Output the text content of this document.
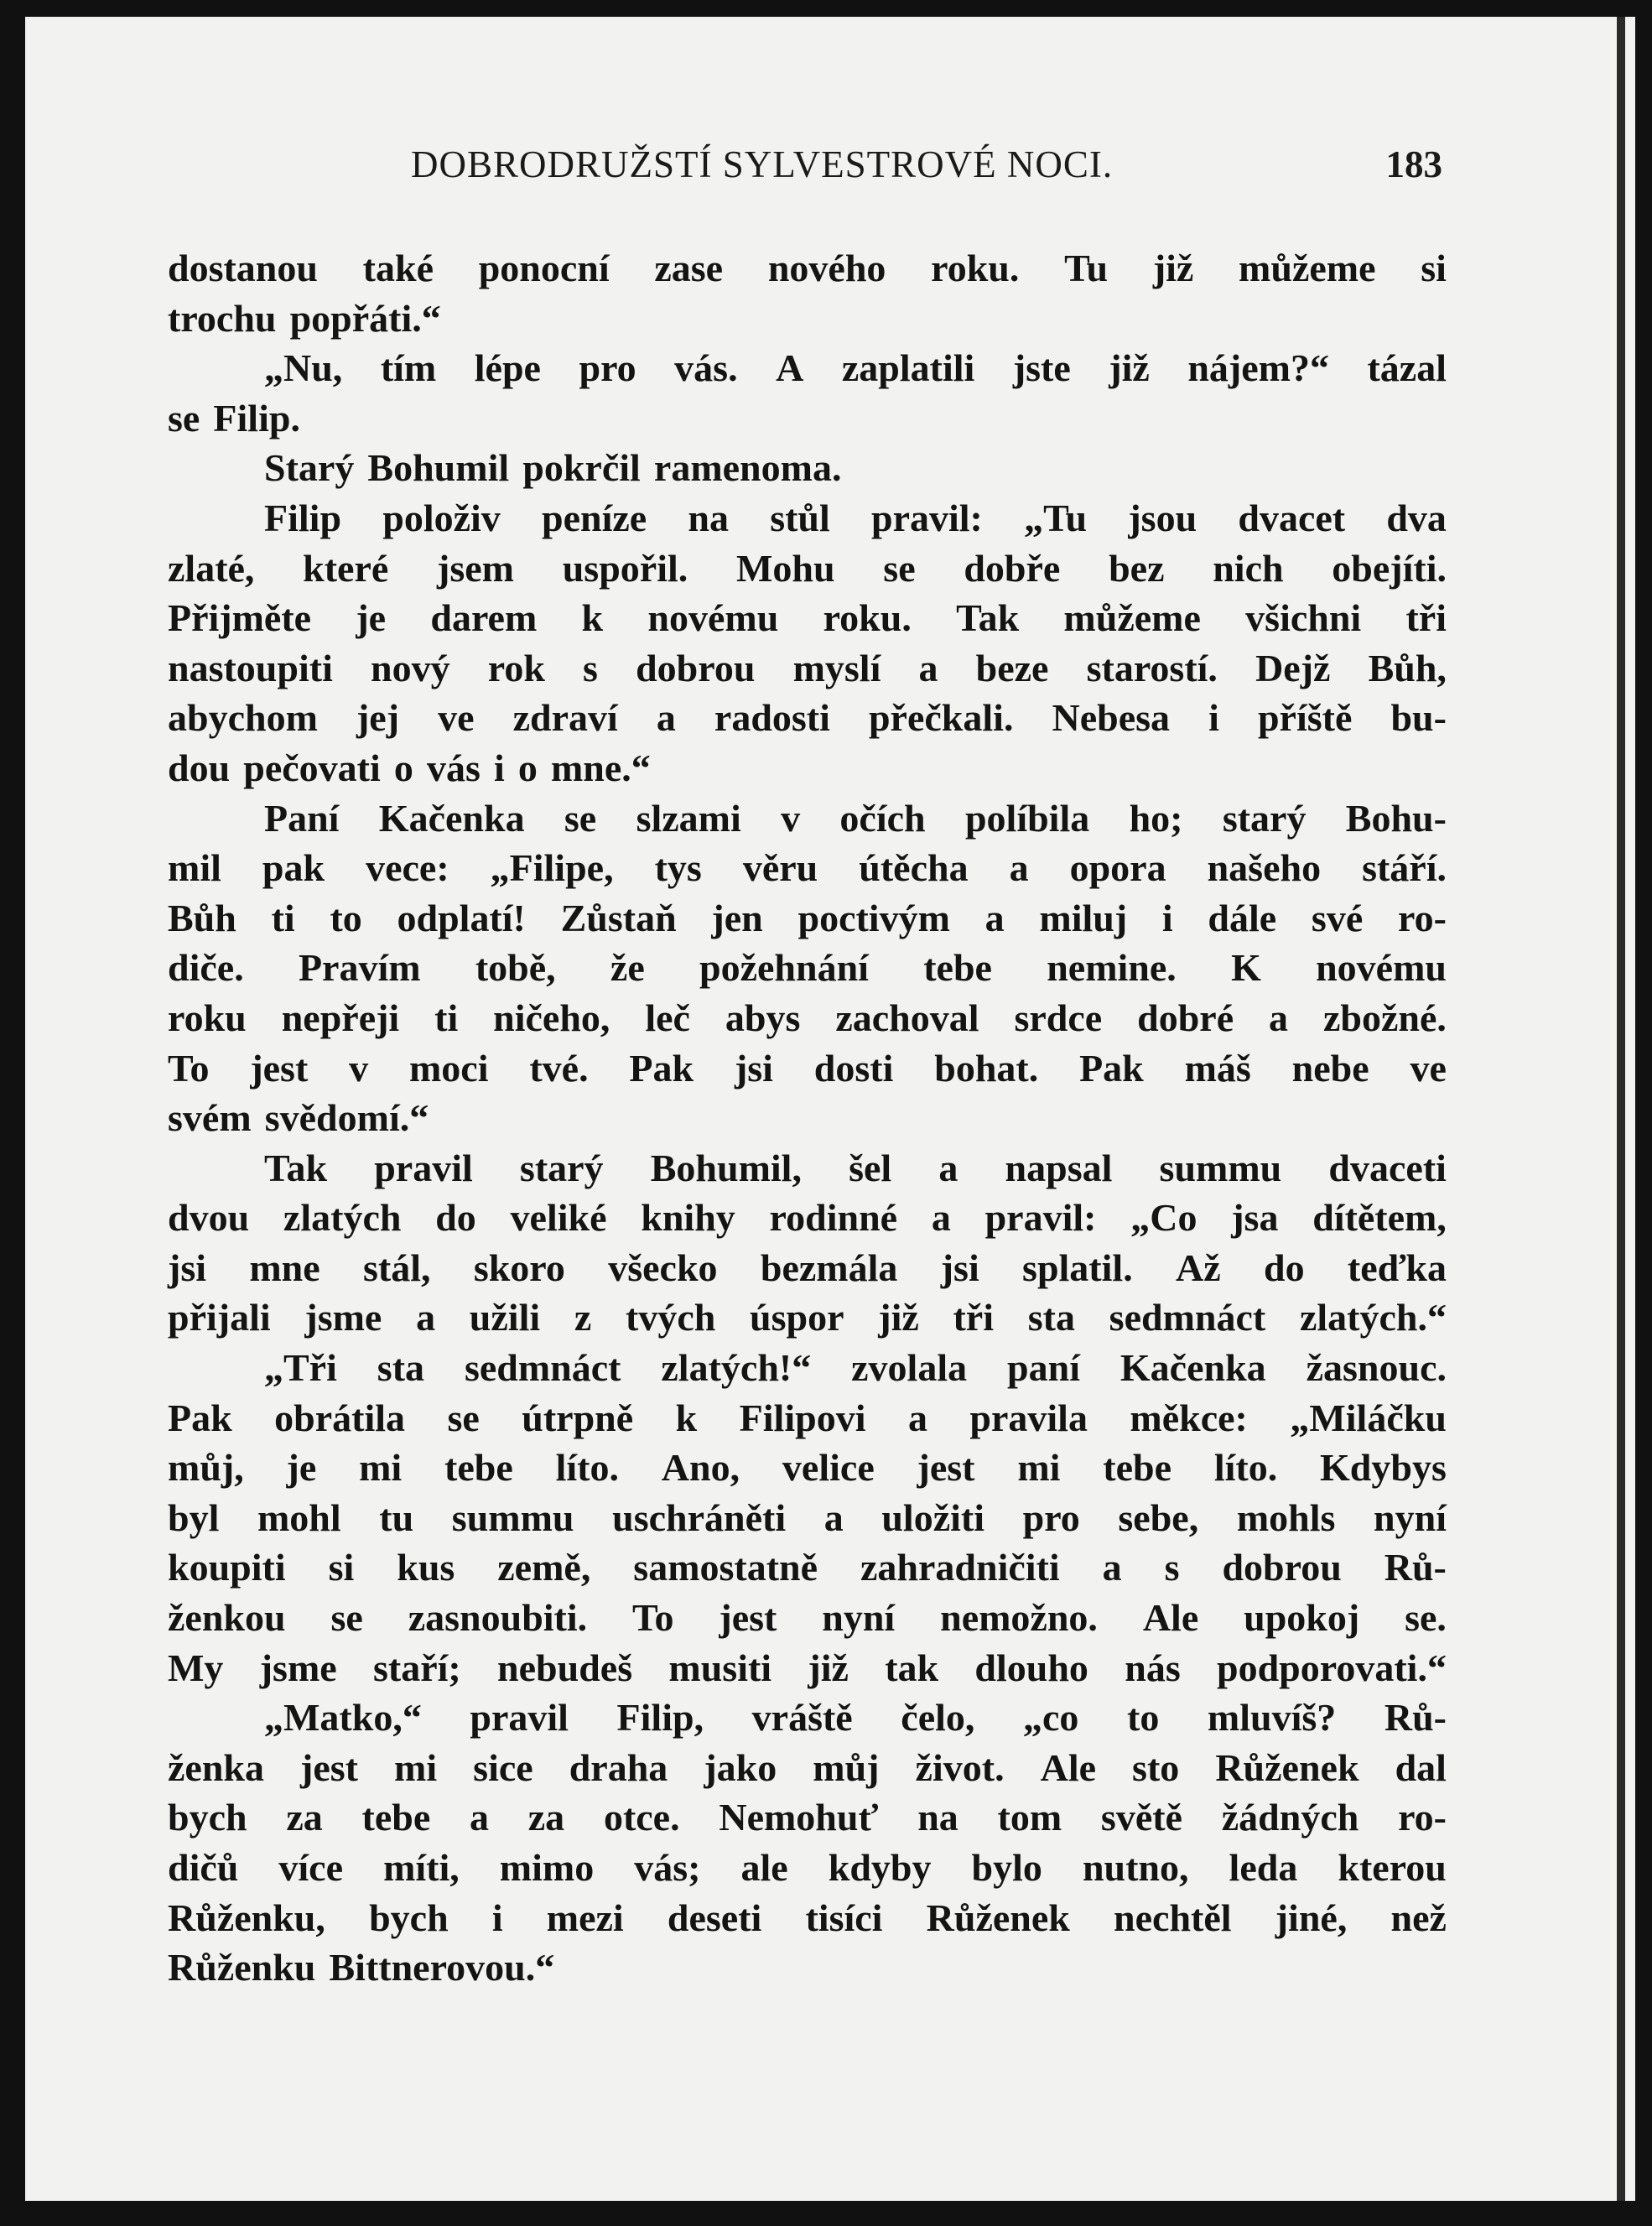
DOBRODRUŽSTÍ SYLVESTROVÉ NOCI.	183
dostanou také ponocní zase nového roku. Tu již můžeme si
trochu popřáti.“
„Nu, tím lépe pro vás. A zaplatili jste již nájem?“ tázal
se Filip.
Starý Bohumil pokrčil ramenoma.
Filip položiv peníze na stůl pravil: „Tu jsou dvacet dva
zlaté, které jsem uspořil. Mohu se dobře bez nich obejíti.
Přijměte je darem k novému roku. Tak můžeme všichni tři
nastoupiti nový rok s dobrou myslí a beze starostí. Dejž Bůh,
abychom jej ve zdraví a radosti přečkali. Nebesa i příště bu-
dou pečovati o vás i o mne.“
Paní Kačenka se slzami v očích políbila ho; starý Bohu-
mil pak vece: „Filipe, tys věru útěcha a opora našeho stáří.
Bůh ti to odplatí! Zůstaň jen poctivým a miluj i dále své ro-
diče. Pravím tobě, že požehnání tebe nemine. K novému
roku nepřeji ti ničeho, leč abys zachoval srdce dobré a zbožné.
To jest v moci tvé. Pak jsi dosti bohat. Pak máš nebe ve
svém svědomí.“
Tak pravil starý Bohumil, šel a napsal summu dvaceti
dvou zlatých do veliké knihy rodinné a pravil: „Co jsa dítětem,
jsi mne stál, skoro všecko bezmála jsi splatil. Až do teďka
přijali jsme a užili z tvých úspor již tři sta sedmnáct zlatých.“
„Tři sta sedmnáct zlatých!“ zvolala paní Kačenka žasnouc.
Pak obrátila se útrpně k Filipovi a pravila měkce: „Miláčku
můj, je mi tebe líto. Ano, velice jest mi tebe líto. Kdybys
byl mohl tu summu uschráněti a uložiti pro sebe, mohls nyní
koupiti si kus země, samostatně zahradničiti a s dobrou Rů-
ženkou se zasnoubiti. To jest nyní nemožno. Ale upokoj se.
My jsme staří; nebudeš musiti již tak dlouho nás podporovati.“
„Matko,“ pravil Filip, vráště čelo, „co to mluvíš? Rů-
ženka jest mi sice draha jako můj život. Ale sto Růženek dal
bych za tebe a za otce. Nemohuť na tom světě žádných ro-
dičů více míti, mimo vás; ale kdyby bylo nutno, leda kterou
Růženku, bych i mezi deseti tisíci Růženek nechtěl jiné, než
Růženku Bittnerovou.“
